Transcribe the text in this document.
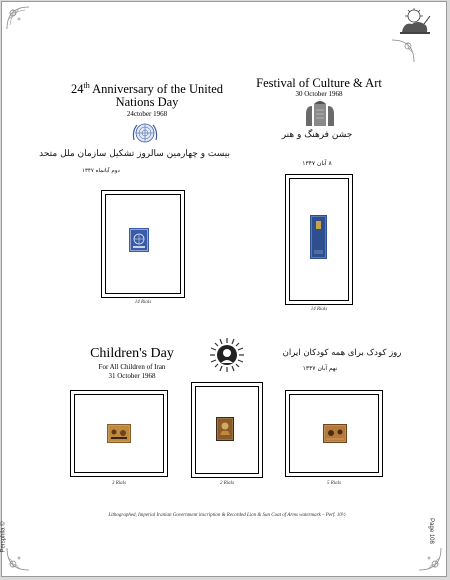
24th Anniversary of the United
Nations Day
24ctober 1968
بیست و چهارمین سالروز تشکیل سازمان ملل متحد
دوم آبانماه ۱۳۴۷
14 Rials
Festival of Culture & Art
30 October 1968
جشن فرهنگ و هنر
۸ آبان ۱۳۴۷
14 Rials
Children's Day
For All Children of Iran
31 October 1968
روز کودک برای همه کودکان ایران
نهم آبان ۱۳۴۷
3 Rials	2 Rials	5 Rials
Lithographed, Imperial Iranian Government inscription & Recorded Lion & Sun Coat of Arms watermark – Perf. 10½
Persphila ©	Page 108
